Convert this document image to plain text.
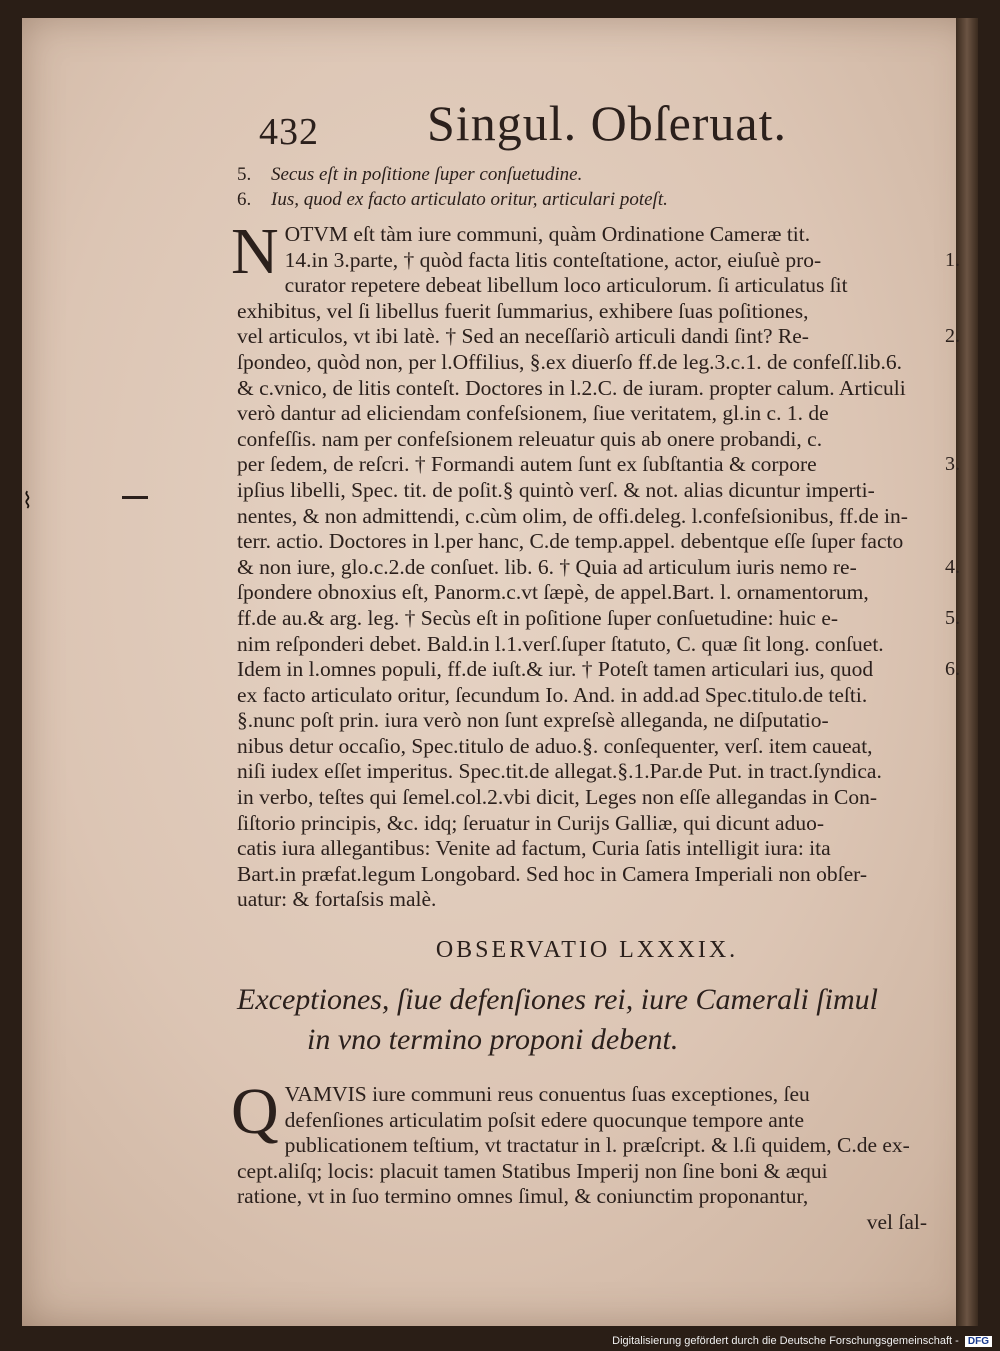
⌇
432 Singul. Obſeruat.
5. Secus eſt in poſitione ſuper conſuetudine.
6. Ius, quod ex facto articulato oritur, articulari poteſt.
N OTVM eſt tàm iure communi, quàm Ordinatione Cameræ tit.
14.in 3.parte, † quòd facta litis conteſtatione, actor, eiuſuè pro-
curator repetere debeat libellum loco articulorum. ſi articulatus ſit
exhibitus, vel ſi libellus fuerit ſummarius, exhibere ſuas poſitiones,
vel articulos, vt ibi latè. † Sed an neceſſariò articuli dandi ſint? Re-
ſpondeo, quòd non, per l.Offilius, §.ex diuerſo ff.de leg.3.c.1. de confeſſ.lib.6.
& c.vnico, de litis conteſt. Doctores in l.2.C. de iuram. propter calum. Articuli
verò dantur ad eliciendam confeſsionem, ſiue veritatem, gl.in c. 1. de
confeſſis. nam per confeſsionem releuatur quis ab onere probandi, c.
per ſedem, de reſcri. † Formandi autem ſunt ex ſubſtantia & corpore
ipſius libelli, Spec. tit. de poſit.§ quintò verſ. & not. alias dicuntur imperti-
nentes, & non admittendi, c.cùm olim, de offi.deleg. l.confeſsionibus, ff.de in-
terr. actio. Doctores in l.per hanc, C.de temp.appel. debentque eſſe ſuper facto
& non iure, glo.c.2.de conſuet. lib. 6. † Quia ad articulum iuris nemo re-
ſpondere obnoxius eſt, Panorm.c.vt ſæpè, de appel.Bart. l. ornamentorum,
ff.de au.& arg. leg. † Secùs eſt in poſitione ſuper conſuetudine: huic e-
nim reſponderi debet. Bald.in l.1.verſ.ſuper ſtatuto, C. quæ ſit long. conſuet.
Idem in l.omnes populi, ff.de iuſt.& iur. † Poteſt tamen articulari ius, quod
ex facto articulato oritur, ſecundum Io. And. in add.ad Spec.titulo.de teſti.
§.nunc poſt prin. iura verò non ſunt expreſsè alleganda, ne diſputatio-
nibus detur occaſio, Spec.titulo de aduo.§. conſequenter, verſ. item caueat,
niſi iudex eſſet imperitus. Spec.tit.de allegat.§.1.Par.de Put. in tract.ſyndica.
in verbo, teſtes qui ſemel.col.2.vbi dicit, Leges non eſſe allegandas in Con-
ſiſtorio principis, &c. idq; ſeruatur in Curijs Galliæ, qui dicunt aduo-
catis iura allegantibus: Venite ad factum, Curia ſatis intelligit iura: ita
Bart.in præfat.legum Longobard. Sed hoc in Camera Imperiali non obſer-
uatur: & fortaſsis malè.
1.
2.
3.
4.
5.
6.
OBSERVATIO LXXXIX.
Exceptiones, ſiue defenſiones rei, iure Camerali ſimul
in vno termino proponi debent.
Q VAMVIS iure communi reus conuentus ſuas exceptiones, ſeu
defenſiones articulatim poſsit edere quocunque tempore ante
publicationem teſtium, vt tractatur in l. præſcript. & l.ſi quidem, C.de ex-
cept.aliſq; locis: placuit tamen Statibus Imperij non ſine boni & æqui
ratione, vt in ſuo termino omnes ſimul, & coniunctim proponantur,
vel ſal-
Digitalisierung gefördert durch die Deutsche Forschungsgemeinschaft - DFG
